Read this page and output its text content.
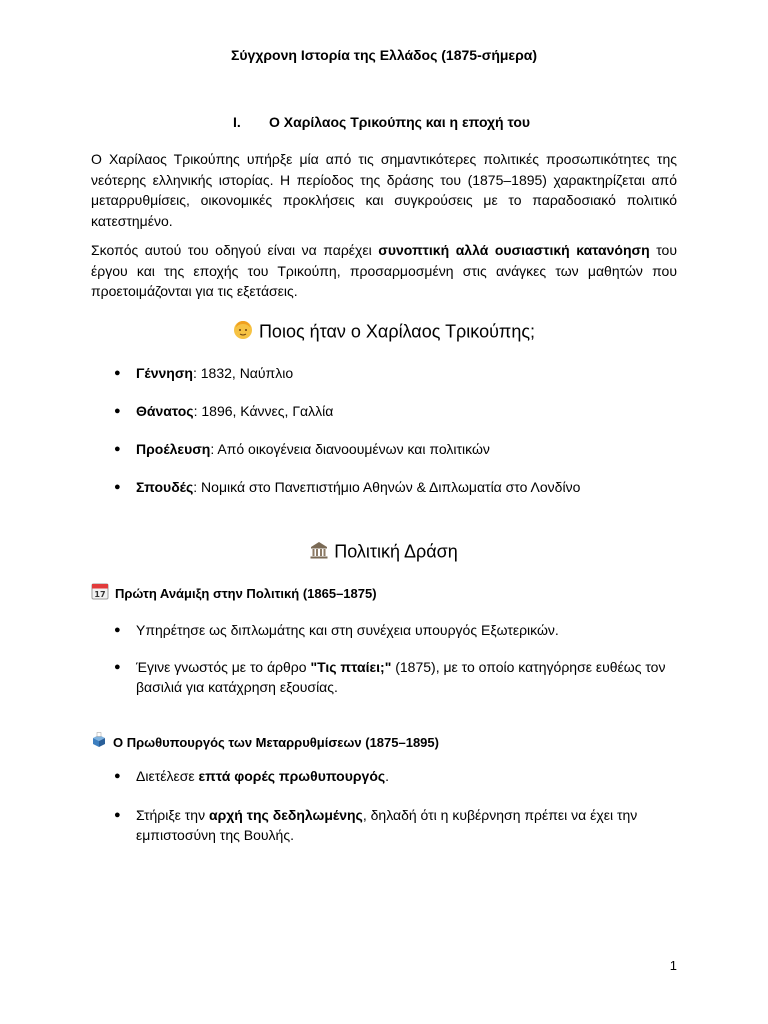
Σύγχρονη Ιστορία της Ελλάδος (1875-σήμερα)
I. Ο Χαρίλαος Τρικούπης και η εποχή του

Ο Χαρίλαος Τρικούπης υπήρξε μία από τις σημαντικότερες πολιτικές προσωπικότητες της νεότερης ελληνικής ιστορίας. Η περίοδος της δράσης του (1875–1895) χαρακτηρίζεται από μεταρρυθμίσεις, οικονομικές προκλήσεις και συγκρούσεις με το παραδοσιακό πολιτικό κατεστημένο.

Σκοπός αυτού του οδηγού είναι να παρέχει συνοπτική αλλά ουσιαστική κατανόηση του έργου και της εποχής του Τρικούπη, προσαρμοσμένη στις ανάγκες των μαθητών που προετοιμάζονται για τις εξετάσεις.

Ποιος ήταν ο Χαρίλαος Τρικούπης;
● Γέννηση: 1832, Ναύπλιο
● Θάνατος: 1896, Κάννες, Γαλλία
● Προέλευση: Από οικογένεια διανοουμένων και πολιτικών
● Σπουδές: Νομικά στο Πανεπιστήμιο Αθηνών & Διπλωματία στο Λονδίνο
Πολιτική Δράση
17 Πρώτη Ανάμιξη στην Πολιτική (1865–1875)
● Υπηρέτησε ως διπλωμάτης και στη συνέχεια υπουργός Εξωτερικών.
● Έγινε γνωστός με το άρθρο "Τις πταίει;" (1875), με το οποίο κατηγόρησε ευθέως τον βασιλιά για κατάχρηση εξουσίας.
Ο Πρωθυπουργός των Μεταρρυθμίσεων (1875–1895)
● Διετέλεσε επτά φορές πρωθυπουργός.
● Στήριξε την αρχή της δεδηλωμένης, δηλαδή ότι η κυβέρνηση πρέπει να έχει την εμπιστοσύνη της Βουλής.
1
